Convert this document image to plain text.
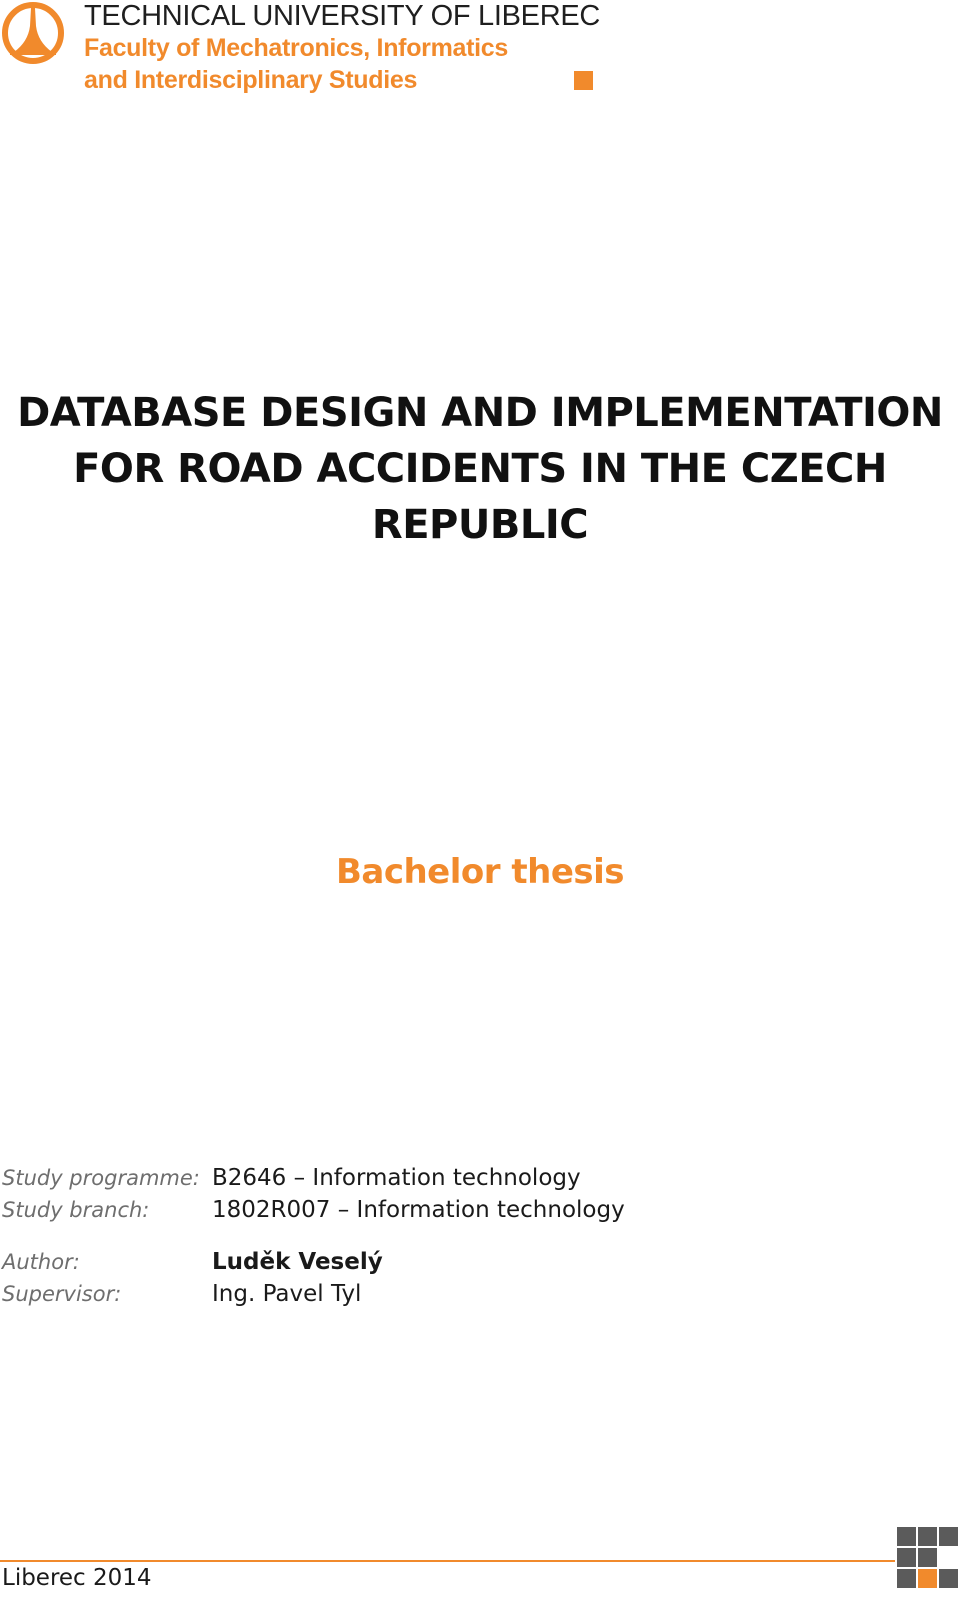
TECHNICAL UNIVERSITY OF LIBEREC
Faculty of Mechatronics, Informatics
and Interdisciplinary Studies
DATABASE DESIGN AND IMPLEMENTATION
FOR ROAD ACCIDENTS IN THE CZECH
REPUBLIC
Bachelor thesis
Study programme: B2646 – Information technology
Study branch:	1802R007 – Information technology
Author:	Luděk Veselý
Supervisor:	Ing. Pavel Tyl
Liberec 2014
